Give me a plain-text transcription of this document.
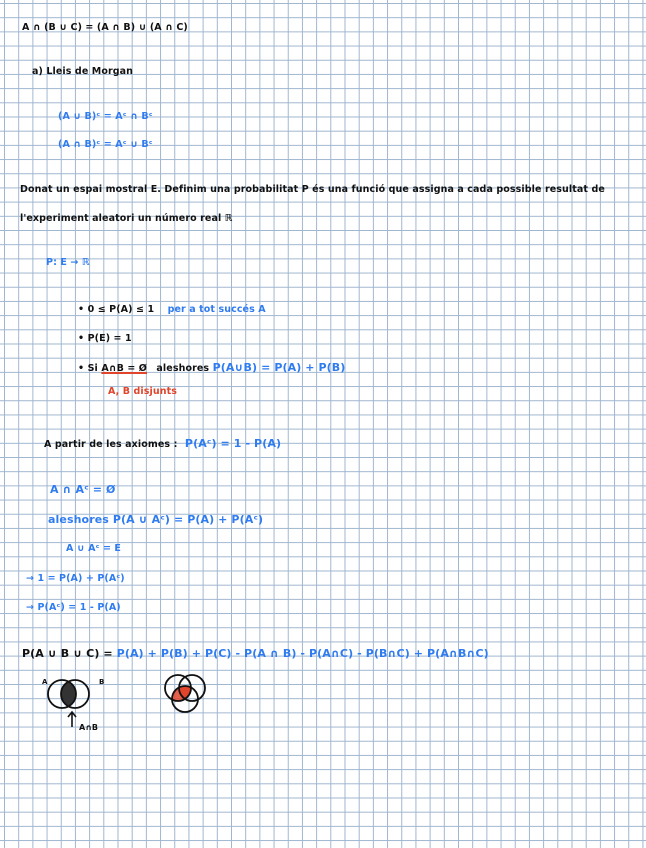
A ∩ (B ∪ C) = (A ∩ B) ∪ (A ∩ C)
a) Lleis de Morgan
(A ∪ B)ᶜ = Aᶜ ∩ Bᶜ
(A ∩ B)ᶜ = Aᶜ ∪ Bᶜ
Donat un espai mostral E. Definim una probabilitat P és una funció que assigna a cada possible resultat de
l'experiment aleatori un número real ℝ
P: E → ℝ
• 0 ≤ P(A) ≤ 1 per a tot succés A
• P(E) = 1
• Si A∩B = Ø aleshores P(A∪B) = P(A) + P(B)
A, B disjunts
A partir de les axiomes : P(Aᶜ) = 1 - P(A)
A ∩ Aᶜ = Ø
aleshores P(A ∪ Aᶜ) = P(A) + P(Aᶜ)
A ∪ Aᶜ = E
→ 1 = P(A) + P(Aᶜ)
→ P(Aᶜ) = 1 - P(A)
P(A ∪ B ∪ C) = P(A) + P(B) + P(C) - P(A ∩ B) - P(A∩C) - P(B∩C) + P(A∩B∩C)
A	B
A∩B
